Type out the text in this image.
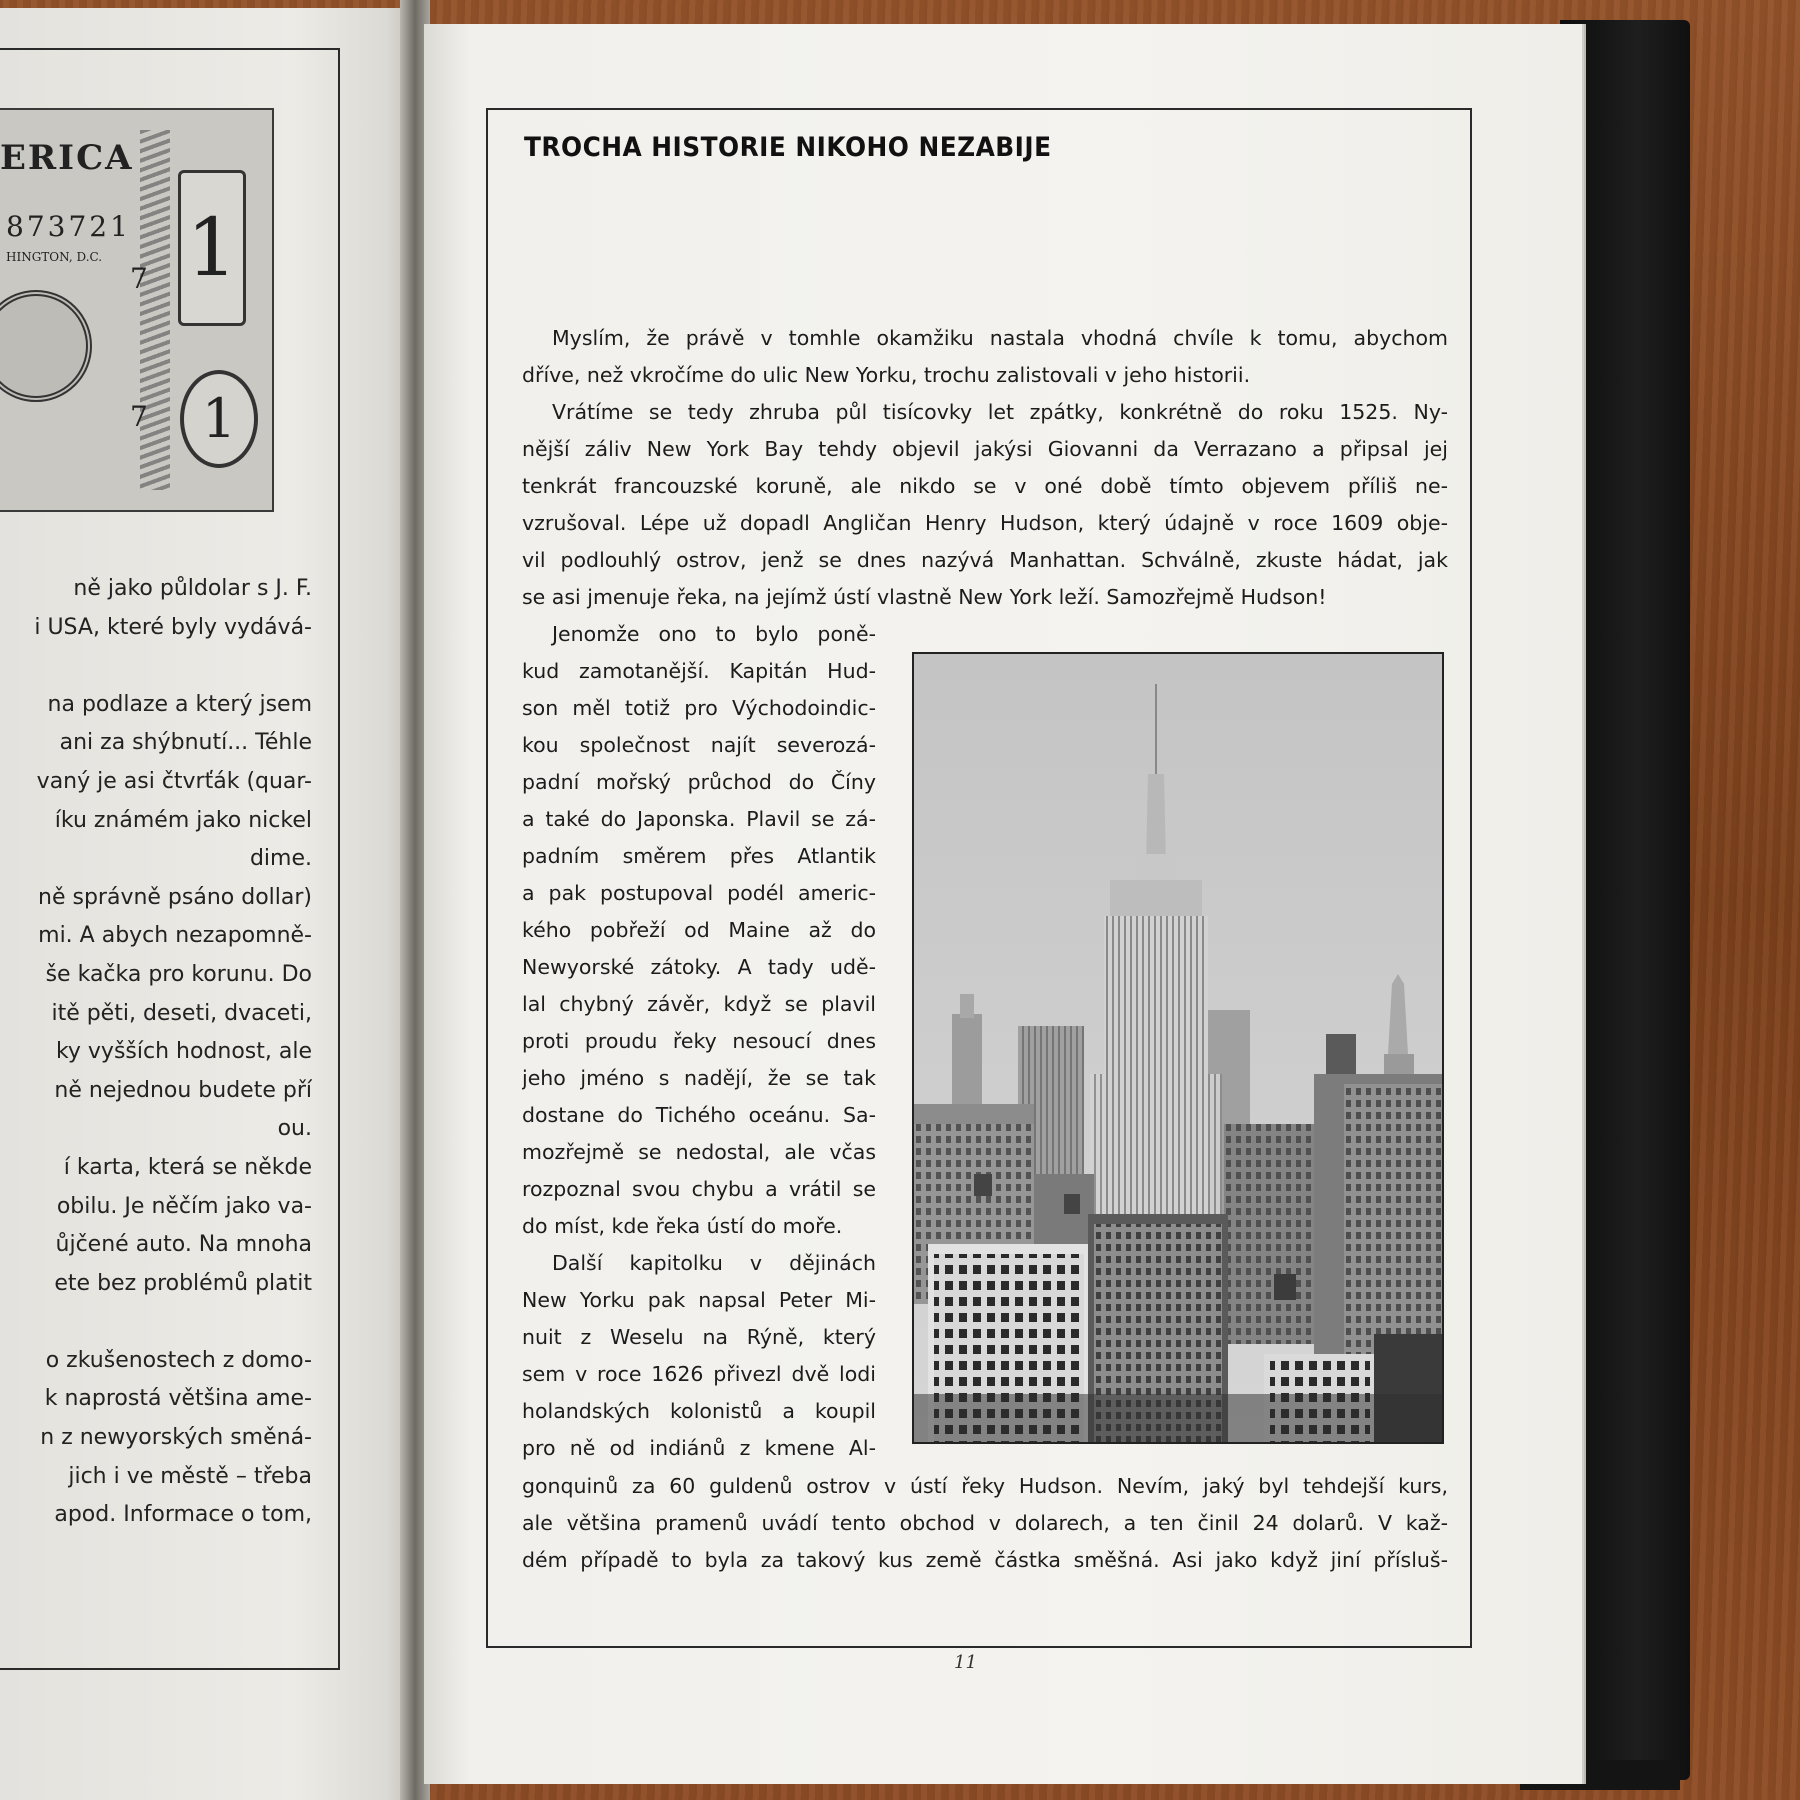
ERICA
873721
HINGTON, D.C.
7 1
1
7
ně jako půldolar s J. F.
i USA, které byly vydává-
na podlaze a který jsem
ani za shýbnutí... Téhle
vaný je asi čtvrťák (quar-
íku známém jako nickel
dime.
ně správně psáno dollar)
mi. A abych nezapomně-
še kačka pro korunu. Do
itě pěti, deseti, dvaceti,
ky vyšších hodnost, ale
ně nejednou budete pří
ou.
í karta, která se někde
obilu. Je něčím jako va-
ůjčené auto. Na mnoha
ete bez problémů platit
o zkušenostech z domo-
k naprostá většina ame-
n z newyorských směná-
jich i ve městě – třeba
apod. Informace o tom,
11
TROCHA HISTORIE NIKOHO NEZABIJE
Myslím, že právě v tomhle okamžiku nastala vhodná chvíle k tomu, abychom
dříve, než vkročíme do ulic New Yorku, trochu zalistovali v jeho historii.
Vrátíme se tedy zhruba půl tisícovky let zpátky, konkrétně do roku 1525. Ny-
nější záliv New York Bay tehdy objevil jakýsi Giovanni da Verrazano a připsal jej
tenkrát francouzské koruně, ale nikdo se v oné době tímto objevem příliš ne-
vzrušoval. Lépe už dopadl Angličan Henry Hudson, který údajně v roce 1609 obje-
vil podlouhlý ostrov, jenž se dnes nazývá Manhattan. Schválně, zkuste hádat, jak
se asi jmenuje řeka, na jejímž ústí vlastně New York leží. Samozřejmě Hudson!
Jenomže ono to bylo poně-
kud zamotanější. Kapitán Hud-
son měl totiž pro Východoindic-
kou společnost najít severozá-
padní mořský průchod do Číny
a také do Japonska. Plavil se zá-
padním směrem přes Atlantik
a pak postupoval podél americ-
kého pobřeží od Maine až do
Newyorské zátoky. A tady udě-
lal chybný závěr, když se plavil
proti proudu řeky nesoucí dnes
jeho jméno s nadějí, že se tak
dostane do Tichého oceánu. Sa-
mozřejmě se nedostal, ale včas
rozpoznal svou chybu a vrátil se
do míst, kde řeka ústí do moře.
Další kapitolku v dějinách
New Yorku pak napsal Peter Mi-
nuit z Weselu na Rýně, který
sem v roce 1626 přivezl dvě lodi
holandských kolonistů a koupil
pro ně od indiánů z kmene Al-
gonquinů za 60 guldenů ostrov v ústí řeky Hudson. Nevím, jaký byl tehdejší kurs,
ale většina pramenů uvádí tento obchod v dolarech, a ten činil 24 dolarů. V kaž-
dém případě to byla za takový kus země částka směšná. Asi jako když jiní přísluš-
